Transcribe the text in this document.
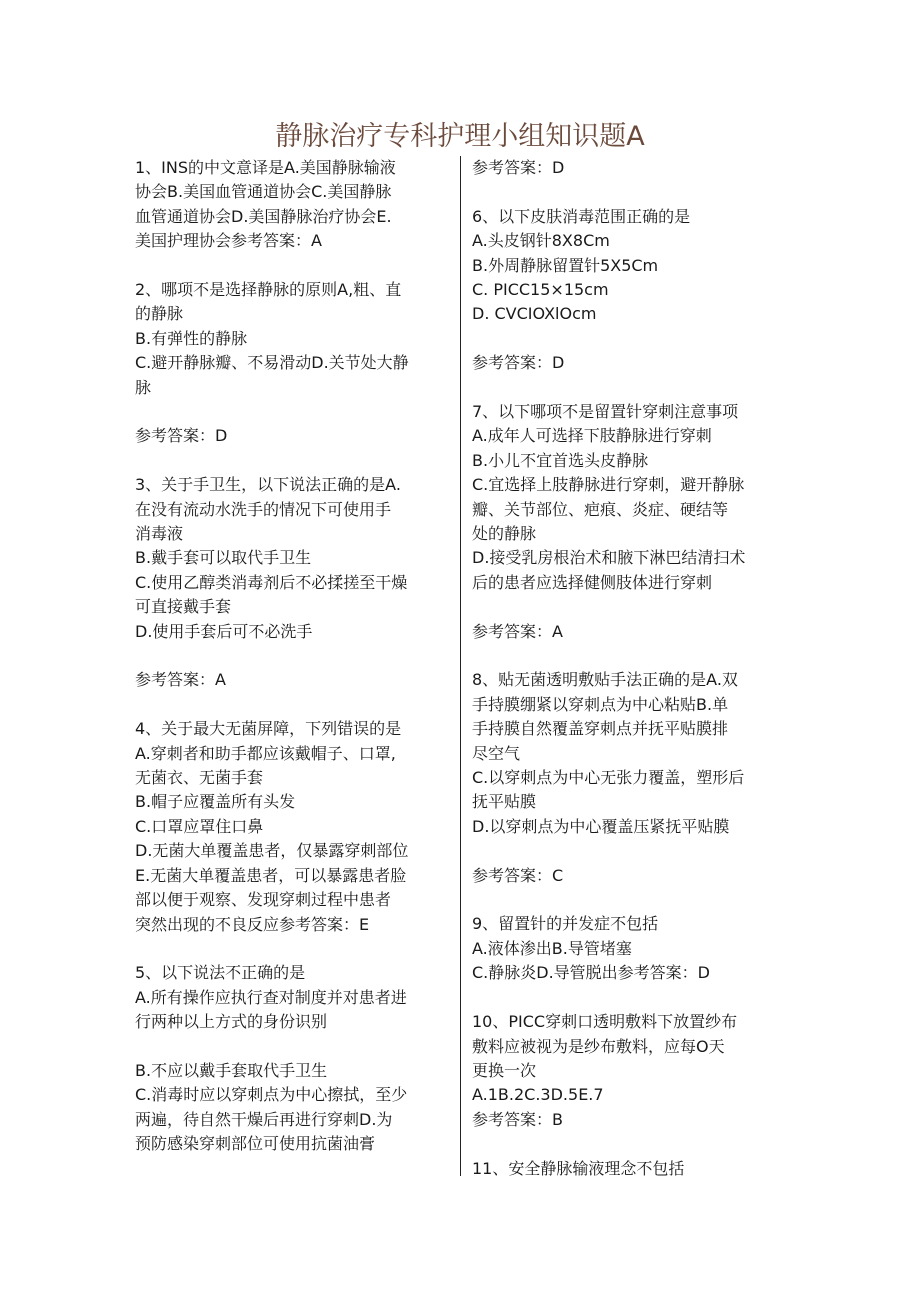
静脉治疗专科护理小组知识题A
1、INS的中文意译是A.美国静脉输液
协会B.美国血管通道协会C.美国静脉
血管通道协会D.美国静脉治疗协会E.
美国护理协会参考答案：A
2、哪项不是选择静脉的原则A,粗、直
的静脉
B.有弹性的静脉
C.避开静脉瓣、不易滑动D.关节处大静
脉
参考答案：D
3、关于手卫生，以下说法正确的是A.
在没有流动水洗手的情况下可使用手
消毒液
B.戴手套可以取代手卫生
C.使用乙醇类消毒剂后不必揉搓至干燥
可直接戴手套
D.使用手套后可不必洗手
参考答案：A
4、关于最大无菌屏障，下列错误的是
A.穿刺者和助手都应该戴帽子、口罩,
无菌衣、无菌手套
B.帽子应覆盖所有头发
C.口罩应罩住口鼻
D.无菌大单覆盖患者，仅暴露穿刺部位
E.无菌大单覆盖患者，可以暴露患者脸
部以便于观察、发现穿刺过程中患者
突然出现的不良反应参考答案：E
5、以下说法不正确的是
A.所有操作应执行查对制度并对患者进
行两种以上方式的身份识别
B.不应以戴手套取代手卫生
C.消毒时应以穿刺点为中心擦拭，至少
两遍，待自然干燥后再进行穿刺D.为
预防感染穿刺部位可使用抗菌油膏
参考答案：D
6、以下皮肤消毒范围正确的是
A.头皮钢针8X8Cm
B.外周静脉留置针5X5Cm
C. PICC15×15cm
D. CVCIOXlOcm
参考答案：D
7、以下哪项不是留置针穿刺注意事项
A.成年人可选择下肢静脉进行穿刺
B.小儿不宜首选头皮静脉
C.宜选择上肢静脉进行穿刺，避开静脉
瓣、关节部位、疤痕、炎症、硬结等
处的静脉
D.接受乳房根治术和腋下淋巴结清扫术
后的患者应选择健侧肢体进行穿刺
参考答案：A
8、贴无菌透明敷贴手法正确的是A.双
手持膜绷紧以穿刺点为中心粘贴B.单
手持膜自然覆盖穿刺点并抚平贴膜排
尽空气
C.以穿刺点为中心无张力覆盖，塑形后
抚平贴膜
D.以穿刺点为中心覆盖压紧抚平贴膜
参考答案：C
9、留置针的并发症不包括
A.液体渗出B.导管堵塞
C.静脉炎D.导管脱出参考答案：D
10、PICC穿刺口透明敷料下放置纱布
敷料应被视为是纱布敷料，应每O天
更换一次
A.1B.2C.3D.5E.7
参考答案：B
11、安全静脉输液理念不包括
